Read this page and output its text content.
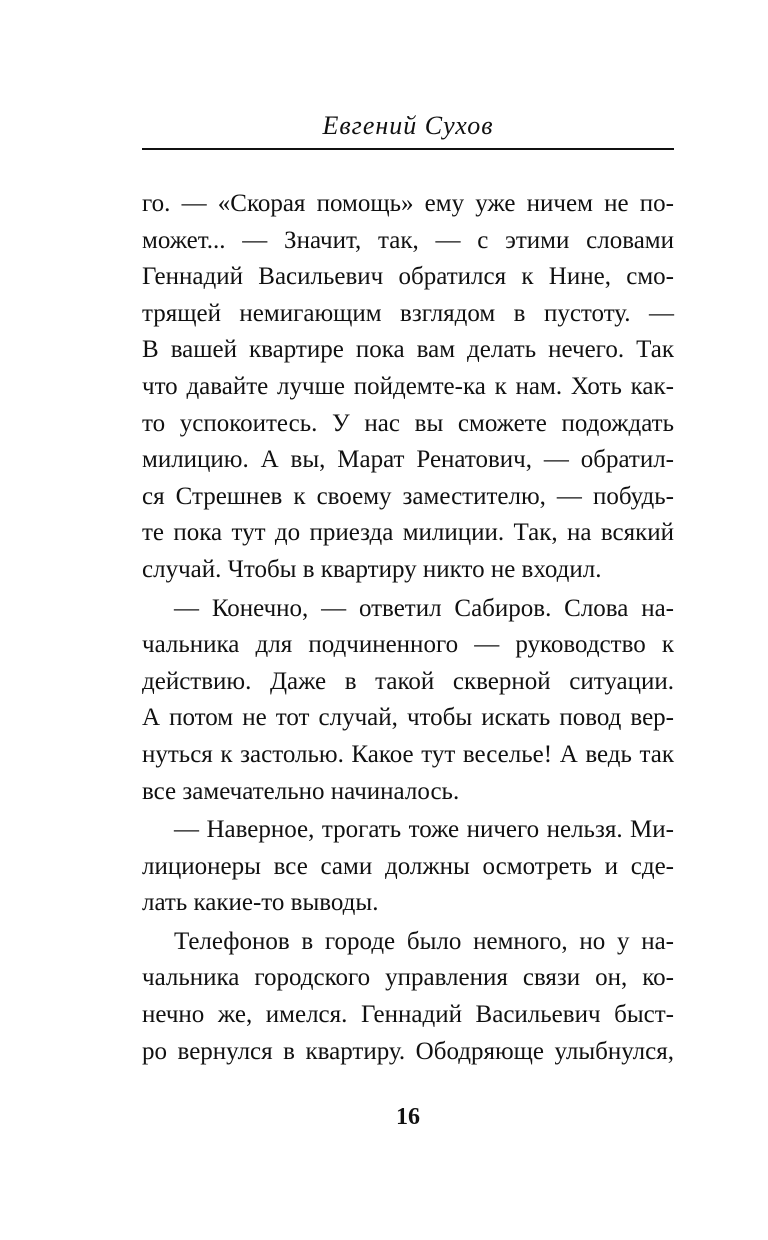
Евгений Сухов
го. — «Скорая помощь» ему уже ничем не по-
может... — Значит, так, — с этими словами
Геннадий Васильевич обратился к Нине, смо-
трящей немигающим взглядом в пустоту. —
В вашей квартире пока вам делать нечего. Так
что давайте лучше пойдемте-ка к нам. Хоть как-
то успокоитесь. У нас вы сможете подождать
милицию. А вы, Марат Ренатович, — обратил-
ся Стрешнев к своему заместителю, — побудь-
те пока тут до приезда милиции. Так, на всякий
случай. Чтобы в квартиру никто не входил.
— Конечно, — ответил Сабиров. Слова на-
чальника для подчиненного — руководство к
действию. Даже в такой скверной ситуации.
А потом не тот случай, чтобы искать повод вер-
нуться к застолью. Какое тут веселье! А ведь так
все замечательно начиналось.
— Наверное, трогать тоже ничего нельзя. Ми-
лиционеры все сами должны осмотреть и сде-
лать какие-то выводы.
Телефонов в городе было немного, но у на-
чальника городского управления связи он, ко-
нечно же, имелся. Геннадий Васильевич быст-
ро вернулся в квартиру. Ободряюще улыбнулся,
16
